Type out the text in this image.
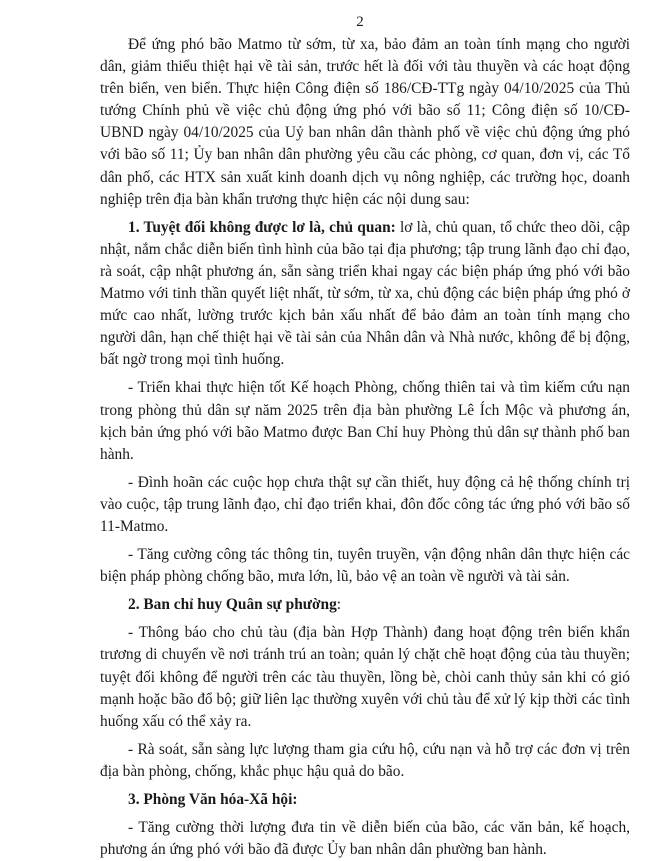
2

Để ứng phó bão Matmo từ sớm, từ xa, bảo đảm an toàn tính mạng cho người dân, giảm thiểu thiệt hại về tài sản, trước hết là đối với tàu thuyền và các hoạt động trên biển, ven biển. Thực hiện Công điện số 186/CĐ-TTg ngày 04/10/2025 của Thủ tướng Chính phủ về việc chủ động ứng phó với bão số 11; Công điện số 10/CĐ-UBND ngày 04/10/2025 của Uỷ ban nhân dân thành phố về việc chủ động ứng phó với bão số 11; Ủy ban nhân dân phường yêu cầu các phòng, cơ quan, đơn vị, các Tổ dân phố, các HTX sản xuất kinh doanh dịch vụ nông nghiệp, các trường học, doanh nghiệp trên địa bàn khẩn trương thực hiện các nội dung sau:

1. Tuyệt đối không được lơ là, chủ quan: lơ là, chủ quan, tổ chức theo dõi, cập nhật, nắm chắc diễn biến tình hình của bão tại địa phương; tập trung lãnh đạo chỉ đạo, rà soát, cập nhật phương án, sẵn sàng triển khai ngay các biện pháp ứng phó với bão Matmo với tinh thần quyết liệt nhất, từ sớm, từ xa, chủ động các biện pháp ứng phó ở mức cao nhất, lường trước kịch bản xấu nhất để bảo đảm an toàn tính mạng cho người dân, hạn chế thiệt hại về tài sản của Nhân dân và Nhà nước, không để bị động, bất ngờ trong mọi tình huống.

- Triển khai thực hiện tốt Kế hoạch Phòng, chống thiên tai và tìm kiếm cứu nạn trong phòng thủ dân sự năm 2025 trên địa bàn phường Lê Ích Mộc và phương án, kịch bản ứng phó với bão Matmo được Ban Chỉ huy Phòng thủ dân sự thành phố ban hành.

- Đình hoãn các cuộc họp chưa thật sự cần thiết, huy động cả hệ thống chính trị vào cuộc, tập trung lãnh đạo, chỉ đạo triển khai, đôn đốc công tác ứng phó với bão số 11-Matmo.

- Tăng cường công tác thông tin, tuyên truyền, vận động nhân dân thực hiện các biện pháp phòng chống bão, mưa lớn, lũ, bảo vệ an toàn về người và tài sản.

2. Ban chỉ huy Quân sự phường:

- Thông báo cho chủ tàu (địa bàn Hợp Thành) đang hoạt động trên biển khẩn trương di chuyển về nơi tránh trú an toàn; quản lý chặt chẽ hoạt động của tàu thuyền; tuyệt đối không để người trên các tàu thuyền, lồng bè, chòi canh thủy sản khi có gió mạnh hoặc bão đổ bộ; giữ liên lạc thường xuyên với chủ tàu để xử lý kịp thời các tình huống xấu có thể xảy ra.

- Rà soát, sẵn sàng lực lượng tham gia cứu hộ, cứu nạn và hỗ trợ các đơn vị trên địa bàn phòng, chống, khắc phục hậu quả do bão.

3. Phòng Văn hóa-Xã hội:

- Tăng cường thời lượng đưa tin về diễn biến của bão, các văn bản, kế hoạch, phương án ứng phó với bão đã được Ủy ban nhân dân phường ban hành.
